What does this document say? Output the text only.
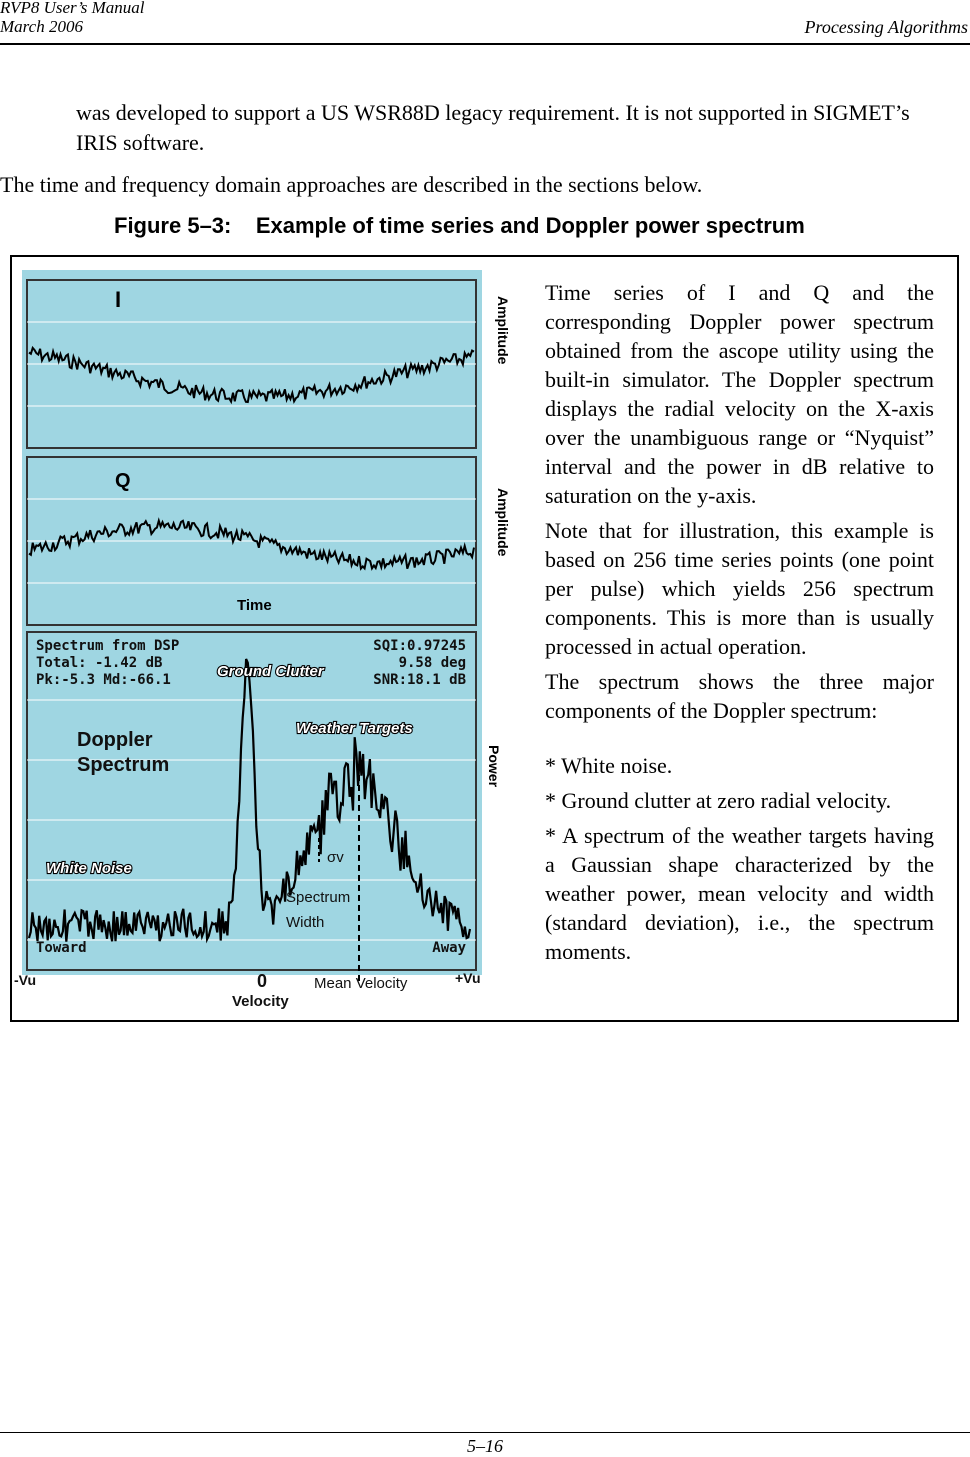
RVP8 User’s Manual
March 2006	Processing Algorithms
was developed to support a US WSR88D legacy requirement. It is not supported in SIGMET’s IRIS software.
The time and frequency domain approaches are described in the sections below.
Figure 5–3:    Example of time series and Doppler power spectrum
I
Q
Time
Amplitude
Amplitude
Power
Spectrum from DSP
Total: -1.42 dB
Pk:-5.3 Md:-66.1
SQI:0.97245
9.58 deg
SNR:18.1 dB
Ground Clutter
Weather Targets
Doppler
Spectrum
White Noise
σv
Spectrum
Width
Toward	Away
-Vu	0	Mean Velocity	+Vu
Velocity

Time series of I and Q and the corresponding Doppler power spectrum obtained from the ascope utility using the built-in simulator. The Doppler spectrum displays the radial velocity on the X-axis over the unambiguous range or “Nyquist” interval and the power in dB relative to saturation on the y-axis.

Note that for illustration, this example is based on 256 time series points (one point per pulse) which yields 256 spectrum components. This is more than is usually processed in actual operation.

The spectrum shows the three major components of the Doppler spectrum:

* White noise.

* Ground clutter at zero radial velocity.

* A spectrum of the weather targets having a Gaussian shape characterized by the weather power, mean velocity and width (standard deviation), i.e., the spectrum moments.

5–16
